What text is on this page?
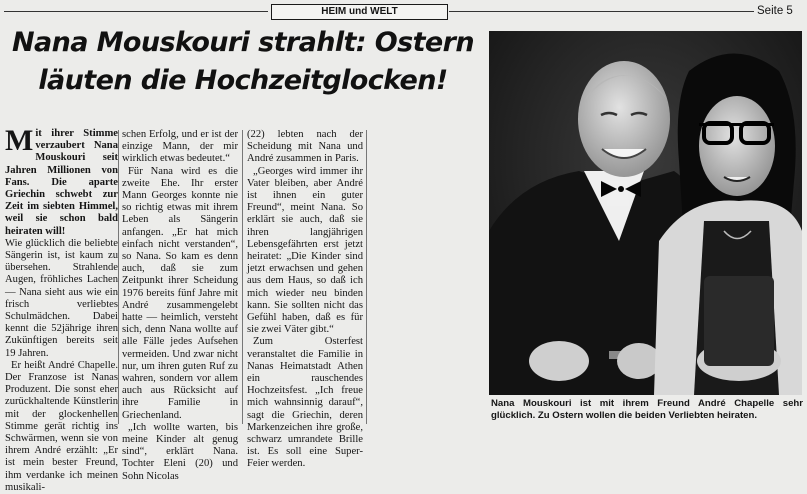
HEIM und WELT	Seite 5
Nana Mouskouri strahlt: Ostern
läuten die Hochzeitglocken!

Mit ihrer Stimme verzaubert Nana Mouskouri seit Jahren Millionen von Fans. Die aparte Griechin schwebt zur Zeit im siebten Himmel, weil sie schon bald heiraten will!

Wie glücklich die beliebte Sängerin ist, ist kaum zu übersehen. Strahlende Augen, fröhliches Lachen — Nana sieht aus wie ein frisch verliebtes Schulmädchen. Dabei kennt die 52jährige ihren Zukünftigen bereits seit 19 Jahren.

Er heißt André Chapelle. Der Franzose ist Nanas Produzent. Die sonst eher zurückhaltende Künstlerin mit der glockenhellen Stimme gerät richtig ins Schwärmen, wenn sie von ihrem André erzählt: „Er ist mein bester Freund, ihm verdanke ich meinen musikali-

schen Erfolg, und er ist der einzige Mann, der mir wirklich etwas bedeutet.“

Für Nana wird es die zweite Ehe. Ihr erster Mann Georges konnte nie so richtig etwas mit ihrem Leben als Sängerin anfangen. „Er hat mich einfach nicht verstanden“, so Nana. So kam es denn auch, daß sie zum Zeitpunkt ihrer Scheidung 1976 bereits fünf Jahre mit André zusammengelebt hatte — heimlich, versteht sich, denn Nana wollte auf alle Fälle jedes Aufsehen vermeiden. Und zwar nicht nur, um ihren guten Ruf zu wahren, sondern vor allem auch aus Rücksicht auf ihre Familie in Griechenland.

„Ich wollte warten, bis meine Kinder alt genug sind“, erklärt Nana. Tochter Eleni (20) und Sohn Nicolas

(22) lebten nach der Scheidung mit Nana und André zusammen in Paris.

„Georges wird immer ihr Vater bleiben, aber André ist ihnen ein guter Freund“, meint Nana. So erklärt sie auch, daß sie ihren langjährigen Lebensgefährten erst jetzt heiratet: „Die Kinder sind jetzt erwachsen und gehen aus dem Haus, so daß ich mich wieder neu binden kann. Sie sollten nicht das Gefühl haben, daß es für sie zwei Väter gibt.“

Zum Osterfest veranstaltet die Familie in Nanas Heimatstadt Athen ein rauschendes Hochzeitsfest. „Ich freue mich wahnsinnig darauf“, sagt die Griechin, deren Markenzeichen ihre große, schwarz umrandete Brille ist. Es soll eine Super-Feier werden.

Nana Mouskouri ist mit ihrem Freund André Chapelle sehr glücklich. Zu Ostern wollen die beiden Verliebten heiraten.
